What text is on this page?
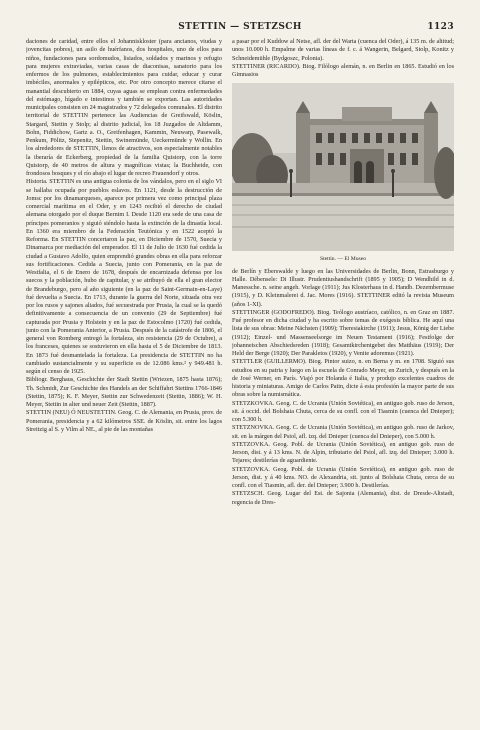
STETTIN — STETZSCH	1123

daciones de caridad, entre ellos el Johanniskloster (para ancianos, viudas y jovencitas pobres), un asilo de huérfanos, dos hospitales, uno de ellos para niños, fundaciones para sordomudos, lisiados, soldados y marinos y refugio para mujeres extraviadas, varias casas de diaconisas, sanatorio para los enfermos de los pulmones, establecimientos para cuidar, educar y curar imbéciles, anormales y epilépticos, etc. Por otro concepto merece citarse el manantial descubierto en 1884, cuyas aguas se emplean contra enfermedades del estómago, hígado e intestinos y también se exportan. Las autoridades municipales consisten en 24 magistrados y 72 delegados comunales. El distrito territorial de STETTIN pertenece las Audiencias de Greifswald, Köslin, Stargard, Stettin y Stolp; al distrito judicial, los 18 Juzgados de Altdamm, Bohn, Fiddichow, Gartz a. O., Greifenhagen, Kammin, Neuwarp, Pasewalk, Penkum, Pölitz, Stepenitz, Stettin, Swinemünde, Ueckermünde y Wollin. En los alrededores de STETTIN, llenos de atractivos, son especialmente notables la iberaría de Eckerberg, propiedad de la familia Quistorp, con la torre Quistorp, de 40 metros de altura y magníficas vistas; la Buchheide, con frondosos bosques y el río abajo el lugar de recreo Frauendorf y otros.

Historia. STETTIN es una antigua colonia de los vándalos, pero en el siglo VI se hallaba ocupada por pueblos eslavos. En 1121, desde la destrucción de Jomsc por los dinamarqueses, aparece por primera vez como principal plaza comercial marítima en el Oder, y en 1243 recibió el derecho de ciudad alemana otorgado por el duque Bernim I. Desde 1120 era sede de una casa de príncipes pomeranios y siguió siéndolo hasta la extinción de la dinastía local. En 1360 era miembro de la Federación Teutónica y en 1522 aceptó la Reforma. En STETTIN concertaron la paz, en Diciembre de 1570, Suecia y Dinamarca por mediación del emperador. El 11 de Julio de 1630 fué cedida la ciudad a Gustavo Adolfo, quien emprendió grandes obras en ella para reforzar sus fortificaciones. Cedida a Suecia, junto con Pomerania, en la paz de Westfalia, el 6 de Enero de 1678, después de encarnizada defensa por los suecos y la población, hubo de capitular, y se atribuyó de ella el gran elector de Brandeburgo, pero al año siguiente (en la paz de Saint-Germain-en-Laye) fué devuelta a Suecia. En 1713, durante la guerra del Norte, situada otra vez por los rusos y sajones aliados, fué secuestrada por Prusia, la cual se la quedó definitivamente a consecuencia de un convenio (29 de Septiembre) fué capturada por Prusia y Holstein y en la paz de Estocolmo (1720) fué cedida, junto con la Pomerania Anterior, a Prusia. Después de la catástrofe de 1806, el general von Romberg entregó la fortaleza, sin resistencia (29 de Octubre), a los franceses, quienes se sostuvieron en ella hasta el 5 de Diciembre de 1813. En 1873 fué desmantelada la fortaleza. La presidencia de STETTIN no ha cambiado sustancialmente y su superficie es de 12.086 kms.² y 949.481 h. según el censo de 1925.

Bibliogr. Berghaus, Geschichte der Stadt Stettin (Wriezen, 1875 hasta 1876); Th. Schmidt, Zur Geschichte des Handels an der Schiffahrt Stettins 1766-1846 (Stettin, 1875); K. F. Meyer, Stettin zur Schwedenzeit (Stettin, 1886); W. H. Meyer, Stettin in alter und neuer Zeit (Stettin, 1887).

STETTIN (NEU) Ó NEUSTETTIN. Geog. C. de Alemania, en Prusia, prov. de Pomerania, presidencia y a 62 kilómetros SSE. de Köslin, sit. entre los lagos Streitzig al S. y Vilm al NE., al pie de las montañas

a pasar por el Kuddow al Netse, afl. der del Warta (cuenca del Oder), á 135 m. de altitud; unos 10.000 h. Empalme de varias líneas de f. c. á Wangerin, Belgard, Stolp, Konitz y Schneidemühle (Bydgoszc, Polonia).

STETTINER (RICARDO). Biog. Filólogo alemán, n. en Berlin en 1865. Estudió en los Gimnasios

Stettin. — El Museo

de Berlín y Eberswalde y luego en las Universidades de Berlin, Bonn, Estrasburgo y Halle. Débensele: Di Illustr. Prudentiushandschrift (1895 y 1905); D Wendhild in d. Manessche. n. seine angeh. Vorlage (1911); Jus Klosterhaus in d. Handb. Dezembermuse (1915), y D. Kleinmalerei d. Jac. Mores (1916). STETTINER editó la revista Museum (años 1-XI).

STETTINGER (GODOFREDO). Biog. Teólogo austríaco, católico, n. en Graz en 1887. Fué profesor en dicha ciudad y ha escrito sobre temas de exégesis bíblica. He aquí una lista de sus obras: Meine Nächsten (1909); Theresiakirche (1911); Jesus, König der Liebe (1912); Einzel- und Massenseelsorge im Neuen Testament (1916); Festfolge der johanneischen Abschiedsreden (1918); Gesamtkirchentgebet des Matthäus (1919); Der Held der Berge (1920); Der Parakletos (1920), y Venite adoremus (1921).

STETTLER (GUILLERMO). Biog. Pintor suizo, n. en Berna y m. en 1708. Siguió sus estudios en su patria y luego en la escuela de Conrado Meyer, en Zurich, y después en la de José Werner, en París. Viajó por Holanda é Italia, y produjo excelentes cuadros de historia y miniaturas. Amigo de Carlos Patin, dicte á esta profesión la mayor parte de sus obras sobre la numismática.

STETZKOVKA. Geog. C. de Ucrania (Unión Soviética), en antiguo gob. ruso de Jerson, sit. á occid. del Bolshaia Chuta, cerca de su confl. con el Tiasmin (cuenca del Dnieper); con 5.300 h.

STETZNOVKA. Geog. C. de Ucrania (Unión Soviética), en antiguo gob. ruso de Jarkov, sit. en la márgen del Psiol, afl. izq. del Dnieper (cuenca del Dnieper), con 5.000 h.

STETZOVKA. Geog. Pobl. de Ucrania (Unión Soviética), en antiguo gob. ruso de Jerson, dist. y á 13 kms. N. de Alpin, tributario del Psiol, afl. izq. del Dnieper; 3.000 h. Tejares; destilerías de aguardiente.

STETZOVKA. Geog. Pobl. de Ucrania (Unión Soviética), en antiguo gob. ruso de Jerson, dist. y á 40 kms. NO. de Alexandria, sit. junto al Bolshaia Chuta, cerca de su confl. con el Tiasmin, afl. der. del Dnieper; 3.900 h. Destilerías.

STETZSCH. Geog. Lugar del Est. de Sajonia (Alemania), dist. de Dresde-Altstadt, regencia de Dres-
